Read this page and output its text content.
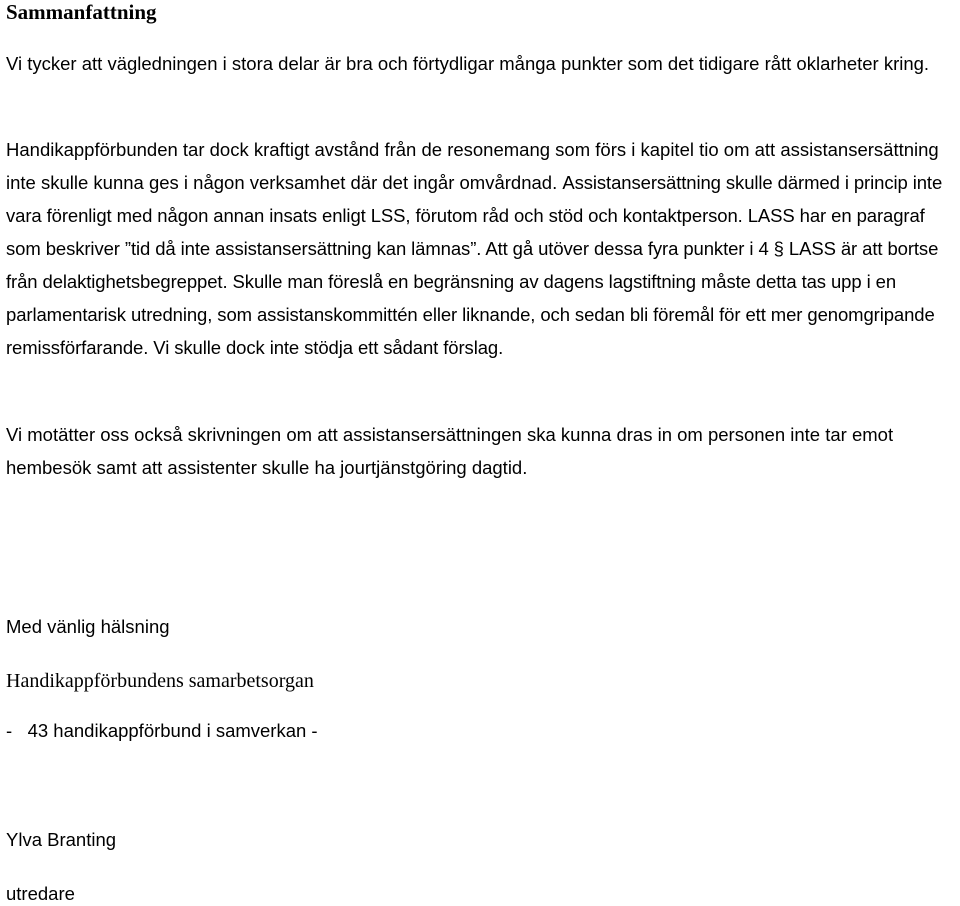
Sammanfattning

Vi tycker att vägledningen i stora delar är bra och förtydligar många punkter som det tidigare rått oklarheter kring.

Handikappförbunden tar dock kraftigt avstånd från de resonemang som förs i kapitel tio om att assistansersättning inte skulle kunna ges i någon verksamhet där det ingår omvårdnad. Assistansersättning skulle därmed i princip inte vara förenligt med någon annan insats enligt LSS, förutom råd och stöd och kontaktperson. LASS har en paragraf som beskriver ”tid då inte assistansersättning kan lämnas”. Att gå utöver dessa fyra punkter i 4 § LASS är att bortse från delaktighetsbegreppet. Skulle man föreslå en begränsning av dagens lagstiftning måste detta tas upp i en parlamentarisk utredning, som assistanskommittén eller liknande, och sedan bli föremål för ett mer genomgripande remissförfarande. Vi skulle dock inte stödja ett sådant förslag.

Vi motätter oss också skrivningen om att assistansersättningen ska kunna dras in om personen inte tar emot hembesök samt att assistenter skulle ha jourtjänstgöring dagtid.

Med vänlig hälsning
Handikappförbundens samarbetsorgan
-   43 handikappförbund i samverkan -
Ylva Branting
utredare
